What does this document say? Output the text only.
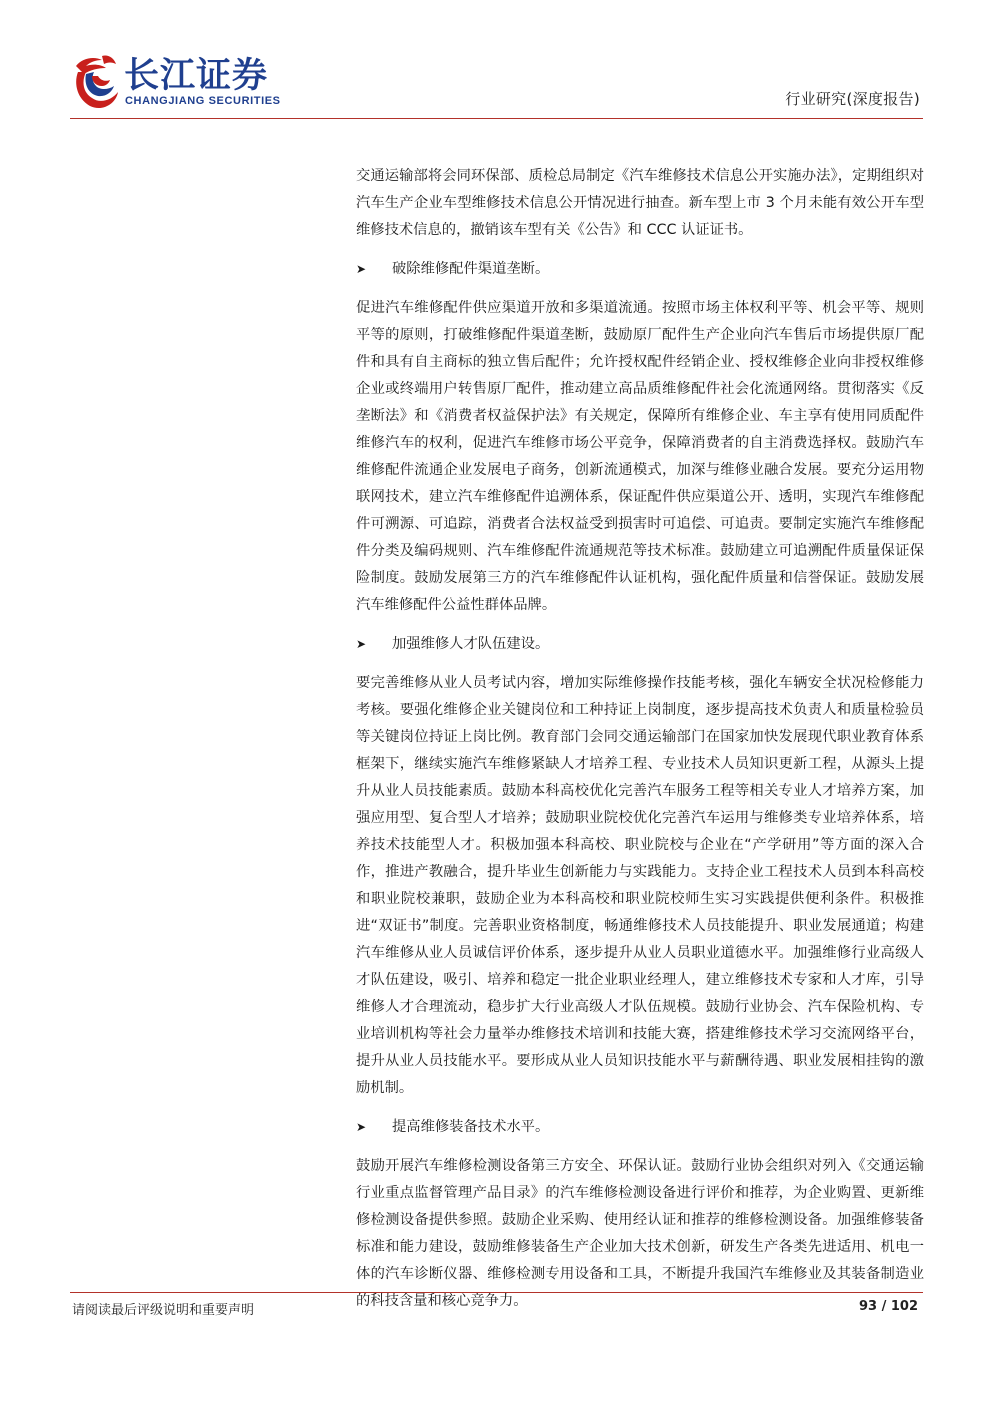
长江证券
CHANGJIANG SECURITIES	行业研究(深度报告)

交通运输部将会同环保部、质检总局制定《汽车维修技术信息公开实施办法》，定期组织对汽车生产企业车型维修技术信息公开情况进行抽查。新车型上市 3 个月未能有效公开车型维修技术信息的，撤销该车型有关《公告》和 CCC 认证证书。

➤ 破除维修配件渠道垄断。

促进汽车维修配件供应渠道开放和多渠道流通。按照市场主体权利平等、机会平等、规则平等的原则，打破维修配件渠道垄断，鼓励原厂配件生产企业向汽车售后市场提供原厂配件和具有自主商标的独立售后配件；允许授权配件经销企业、授权维修企业向非授权维修企业或终端用户转售原厂配件，推动建立高品质维修配件社会化流通网络。贯彻落实《反垄断法》和《消费者权益保护法》有关规定，保障所有维修企业、车主享有使用同质配件维修汽车的权利，促进汽车维修市场公平竞争，保障消费者的自主消费选择权。鼓励汽车维修配件流通企业发展电子商务，创新流通模式，加深与维修业融合发展。要充分运用物联网技术，建立汽车维修配件追溯体系，保证配件供应渠道公开、透明，实现汽车维修配件可溯源、可追踪，消费者合法权益受到损害时可追偿、可追责。要制定实施汽车维修配件分类及编码规则、汽车维修配件流通规范等技术标准。鼓励建立可追溯配件质量保证保险制度。鼓励发展第三方的汽车维修配件认证机构，强化配件质量和信誉保证。鼓励发展汽车维修配件公益性群体品牌。

➤ 加强维修人才队伍建设。

要完善维修从业人员考试内容，增加实际维修操作技能考核，强化车辆安全状况检修能力考核。要强化维修企业关键岗位和工种持证上岗制度，逐步提高技术负责人和质量检验员等关键岗位持证上岗比例。教育部门会同交通运输部门在国家加快发展现代职业教育体系框架下，继续实施汽车维修紧缺人才培养工程、专业技术人员知识更新工程，从源头上提升从业人员技能素质。鼓励本科高校优化完善汽车服务工程等相关专业人才培养方案，加强应用型、复合型人才培养；鼓励职业院校优化完善汽车运用与维修类专业培养体系，培养技术技能型人才。积极加强本科高校、职业院校与企业在“产学研用”等方面的深入合作，推进产教融合，提升毕业生创新能力与实践能力。支持企业工程技术人员到本科高校和职业院校兼职，鼓励企业为本科高校和职业院校师生实习实践提供便利条件。积极推进“双证书”制度。完善职业资格制度，畅通维修技术人员技能提升、职业发展通道；构建汽车维修从业人员诚信评价体系，逐步提升从业人员职业道德水平。加强维修行业高级人才队伍建设，吸引、培养和稳定一批企业职业经理人，建立维修技术专家和人才库，引导维修人才合理流动，稳步扩大行业高级人才队伍规模。鼓励行业协会、汽车保险机构、专业培训机构等社会力量举办维修技术培训和技能大赛，搭建维修技术学习交流网络平台，提升从业人员技能水平。要形成从业人员知识技能水平与薪酬待遇、职业发展相挂钩的激励机制。

➤ 提高维修装备技术水平。

鼓励开展汽车维修检测设备第三方安全、环保认证。鼓励行业协会组织对列入《交通运输行业重点监督管理产品目录》的汽车维修检测设备进行评价和推荐，为企业购置、更新维修检测设备提供参照。鼓励企业采购、使用经认证和推荐的维修检测设备。加强维修装备标准和能力建设，鼓励维修装备生产企业加大技术创新，研发生产各类先进适用、机电一体的汽车诊断仪器、维修检测专用设备和工具，不断提升我国汽车维修业及其装备制造业的科技含量和核心竞争力。

请阅读最后评级说明和重要声明	93 / 102
